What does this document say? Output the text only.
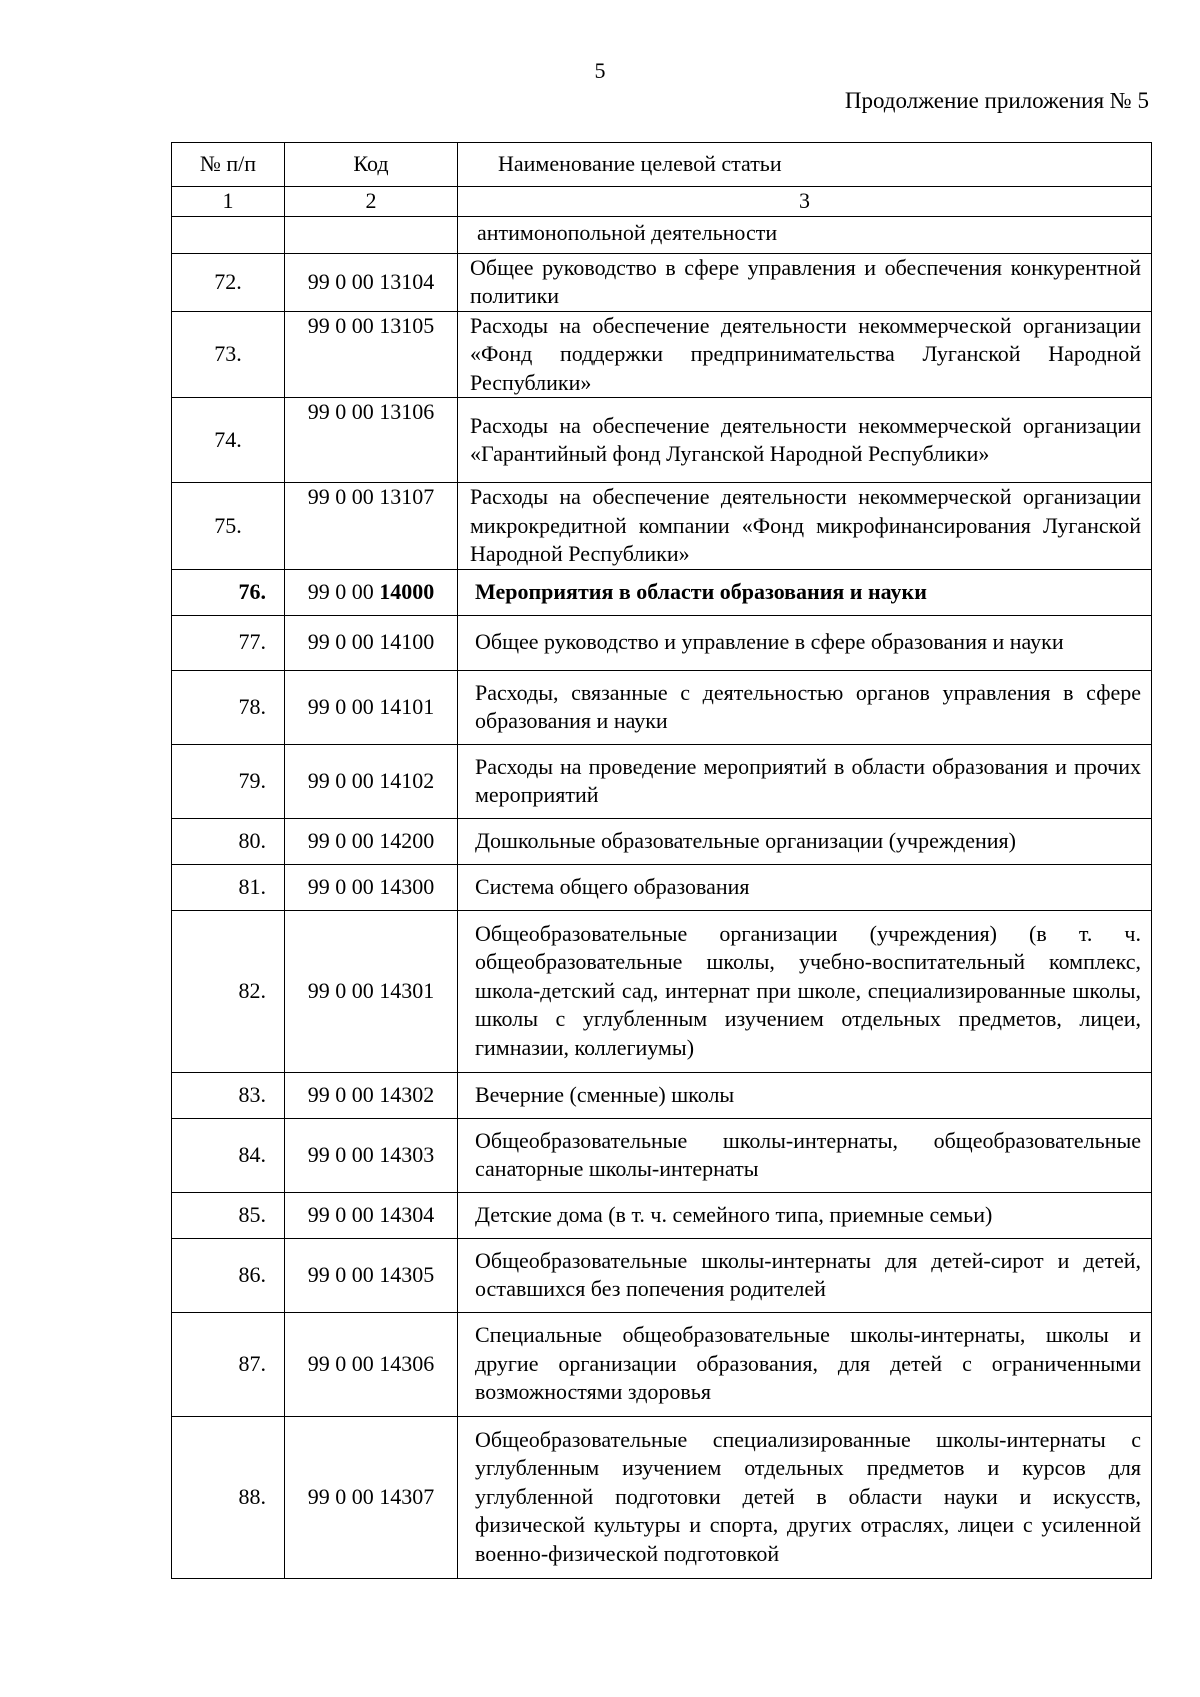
5
Продолжение приложения № 5
№ п/п	Код	Наименование целевой статьи
1	2	3
		антимонопольной деятельности
72.	99 0 00 13104	Общее руководство в сфере управления и обеспечения конкурентной политики
73.	99 0 00 13105	Расходы на обеспечение деятельности некоммерческой организации «Фонд поддержки предпринимательства Луганской Народной Республики»
74.	99 0 00 13106	Расходы на обеспечение деятельности некоммерческой организации «Гарантийный фонд Луганской Народной Республики»
75.	99 0 00 13107	Расходы на обеспечение деятельности некоммерческой организации микрокредитной компании «Фонд микрофинансирования Луганской Народной Республики»
76.	99 0 00 14000	Мероприятия в области образования и науки
77.	99 0 00 14100	Общее руководство и управление в сфере образования и науки
78.	99 0 00 14101	Расходы, связанные с деятельностью органов управления в сфере образования и науки
79.	99 0 00 14102	Расходы на проведение мероприятий в области образования и прочих мероприятий
80.	99 0 00 14200	Дошкольные образовательные организации (учреждения)
81.	99 0 00 14300	Система общего образования
82.	99 0 00 14301	Общеобразовательные организации (учреждения) (в т. ч. общеобразовательные школы, учебно-воспитательный комплекс, школа-детский сад, интернат при школе, специализированные школы, школы с углубленным изучением отдельных предметов, лицеи, гимназии, коллегиумы)
83.	99 0 00 14302	Вечерние (сменные) школы
84.	99 0 00 14303	Общеобразовательные школы-интернаты, общеобразовательные санаторные школы-интернаты
85.	99 0 00 14304	Детские дома (в т. ч. семейного типа, приемные семьи)
86.	99 0 00 14305	Общеобразовательные школы-интернаты для детей-сирот и детей, оставшихся без попечения родителей
87.	99 0 00 14306	Специальные общеобразовательные школы-интернаты, школы и другие организации образования, для детей с ограниченными возможностями здоровья
88.	99 0 00 14307	Общеобразовательные специализированные школы-интернаты с углубленным изучением отдельных предметов и курсов для углубленной подготовки детей в области науки и искусств, физической культуры и спорта, других отраслях, лицеи с усиленной военно-физической подготовкой
